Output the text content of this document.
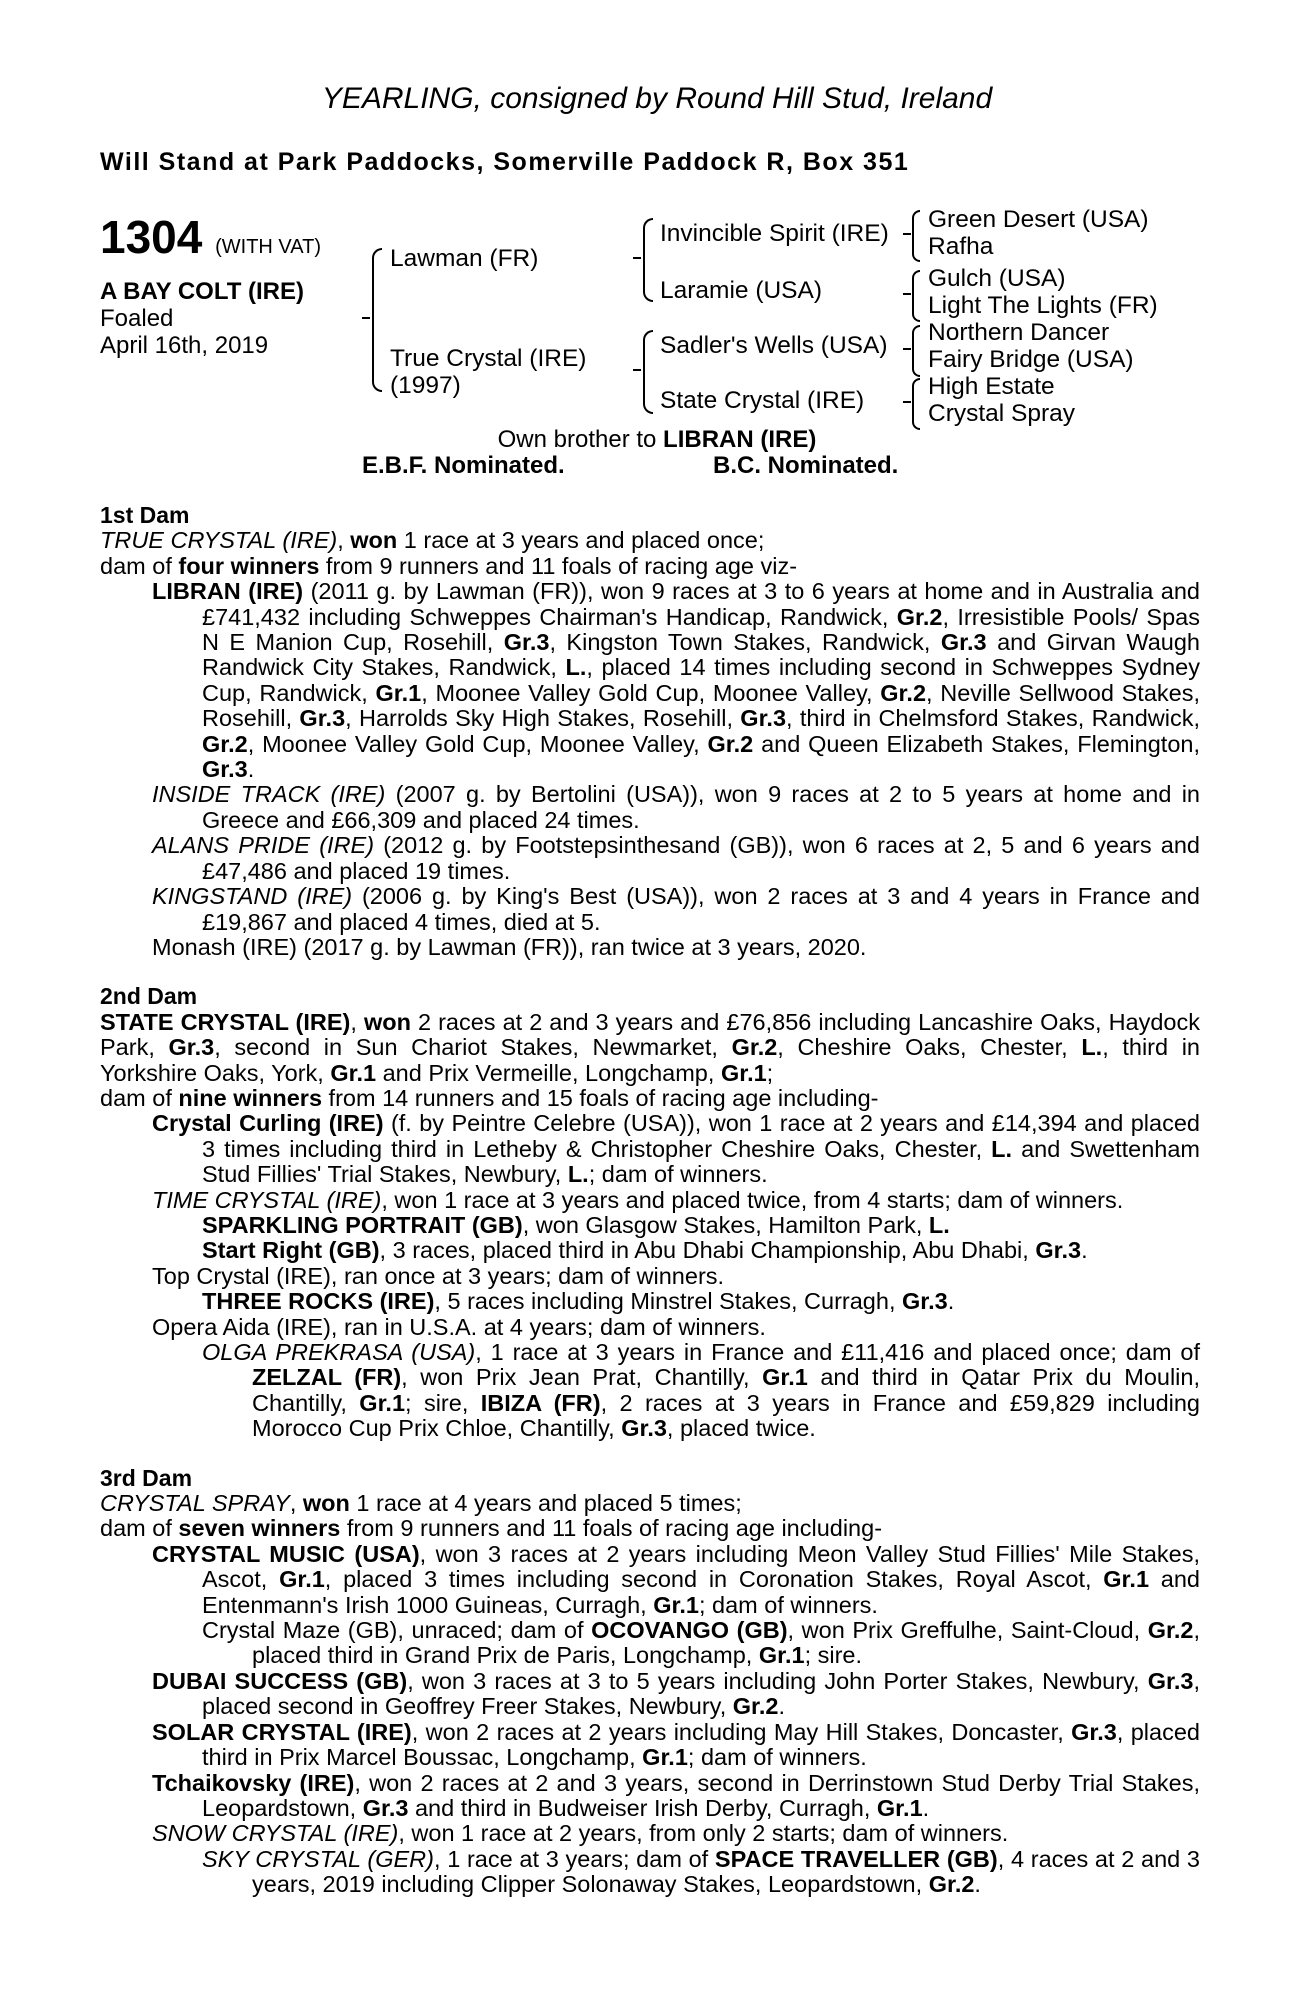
YEARLING, consigned by Round Hill Stud, Ireland
Will Stand at Park Paddocks, Somerville Paddock R, Box 351
1304 (WITH VAT)
A BAY COLT (IRE)
Foaled
April 16th, 2019
Lawman (FR)
True Crystal (IRE)
(1997)
Invincible Spirit (IRE)
Laramie (USA)
Sadler's Wells (USA)
State Crystal (IRE)
Green Desert (USA)
Rafha
Gulch (USA)
Light The Lights (FR)
Northern Dancer
Fairy Bridge (USA)
High Estate
Crystal Spray
Own brother to LIBRAN (IRE)
E.B.F. Nominated.	B.C. Nominated.
1st Dam

TRUE CRYSTAL (IRE), won 1 race at 3 years and placed once;

dam of four winners from 9 runners and 11 foals of racing age viz-

LIBRAN (IRE) (2011 g. by Lawman (FR)), won 9 races at 3 to 6 years at home and in Australia and £741,432 including Schweppes Chairman's Handicap, Randwick, Gr.2, Irresistible Pools/ Spas N E Manion Cup, Rosehill, Gr.3, Kingston Town Stakes, Randwick, Gr.3 and Girvan Waugh Randwick City Stakes, Randwick, L., placed 14 times including second in Schweppes Sydney Cup, Randwick, Gr.1, Moonee Valley Gold Cup, Moonee Valley, Gr.2, Neville Sellwood Stakes, Rosehill, Gr.3, Harrolds Sky High Stakes, Rosehill, Gr.3, third in Chelmsford Stakes, Randwick, Gr.2, Moonee Valley Gold Cup, Moonee Valley, Gr.2 and Queen Elizabeth Stakes, Flemington, Gr.3.

INSIDE TRACK (IRE) (2007 g. by Bertolini (USA)), won 9 races at 2 to 5 years at home and in Greece and £66,309 and placed 24 times.

ALANS PRIDE (IRE) (2012 g. by Footstepsinthesand (GB)), won 6 races at 2, 5 and 6 years and £47,486 and placed 19 times.

KINGSTAND (IRE) (2006 g. by King's Best (USA)), won 2 races at 3 and 4 years in France and £19,867 and placed 4 times, died at 5.

Monash (IRE) (2017 g. by Lawman (FR)), ran twice at 3 years, 2020.

2nd Dam

STATE CRYSTAL (IRE), won 2 races at 2 and 3 years and £76,856 including Lancashire Oaks, Haydock Park, Gr.3, second in Sun Chariot Stakes, Newmarket, Gr.2, Cheshire Oaks, Chester, L., third in Yorkshire Oaks, York, Gr.1 and Prix Vermeille, Longchamp, Gr.1;

dam of nine winners from 14 runners and 15 foals of racing age including-

Crystal Curling (IRE) (f. by Peintre Celebre (USA)), won 1 race at 2 years and £14,394 and placed 3 times including third in Letheby & Christopher Cheshire Oaks, Chester, L. and Swettenham Stud Fillies' Trial Stakes, Newbury, L.; dam of winners.

TIME CRYSTAL (IRE), won 1 race at 3 years and placed twice, from 4 starts; dam of winners.

SPARKLING PORTRAIT (GB), won Glasgow Stakes, Hamilton Park, L.

Start Right (GB), 3 races, placed third in Abu Dhabi Championship, Abu Dhabi, Gr.3.

Top Crystal (IRE), ran once at 3 years; dam of winners.

THREE ROCKS (IRE), 5 races including Minstrel Stakes, Curragh, Gr.3.

Opera Aida (IRE), ran in U.S.A. at 4 years; dam of winners.

OLGA PREKRASA (USA), 1 race at 3 years in France and £11,416 and placed once; dam of ZELZAL (FR), won Prix Jean Prat, Chantilly, Gr.1 and third in Qatar Prix du Moulin, Chantilly, Gr.1; sire, IBIZA (FR), 2 races at 3 years in France and £59,829 including Morocco Cup Prix Chloe, Chantilly, Gr.3, placed twice.

3rd Dam

CRYSTAL SPRAY, won 1 race at 4 years and placed 5 times;

dam of seven winners from 9 runners and 11 foals of racing age including-

CRYSTAL MUSIC (USA), won 3 races at 2 years including Meon Valley Stud Fillies' Mile Stakes, Ascot, Gr.1, placed 3 times including second in Coronation Stakes, Royal Ascot, Gr.1 and Entenmann's Irish 1000 Guineas, Curragh, Gr.1; dam of winners.

Crystal Maze (GB), unraced; dam of OCOVANGO (GB), won Prix Greffulhe, Saint-Cloud, Gr.2, placed third in Grand Prix de Paris, Longchamp, Gr.1; sire.

DUBAI SUCCESS (GB), won 3 races at 3 to 5 years including John Porter Stakes, Newbury, Gr.3, placed second in Geoffrey Freer Stakes, Newbury, Gr.2.

SOLAR CRYSTAL (IRE), won 2 races at 2 years including May Hill Stakes, Doncaster, Gr.3, placed third in Prix Marcel Boussac, Longchamp, Gr.1; dam of winners.

Tchaikovsky (IRE), won 2 races at 2 and 3 years, second in Derrinstown Stud Derby Trial Stakes, Leopardstown, Gr.3 and third in Budweiser Irish Derby, Curragh, Gr.1.

SNOW CRYSTAL (IRE), won 1 race at 2 years, from only 2 starts; dam of winners.

SKY CRYSTAL (GER), 1 race at 3 years; dam of SPACE TRAVELLER (GB), 4 races at 2 and 3 years, 2019 including Clipper Solonaway Stakes, Leopardstown, Gr.2.
